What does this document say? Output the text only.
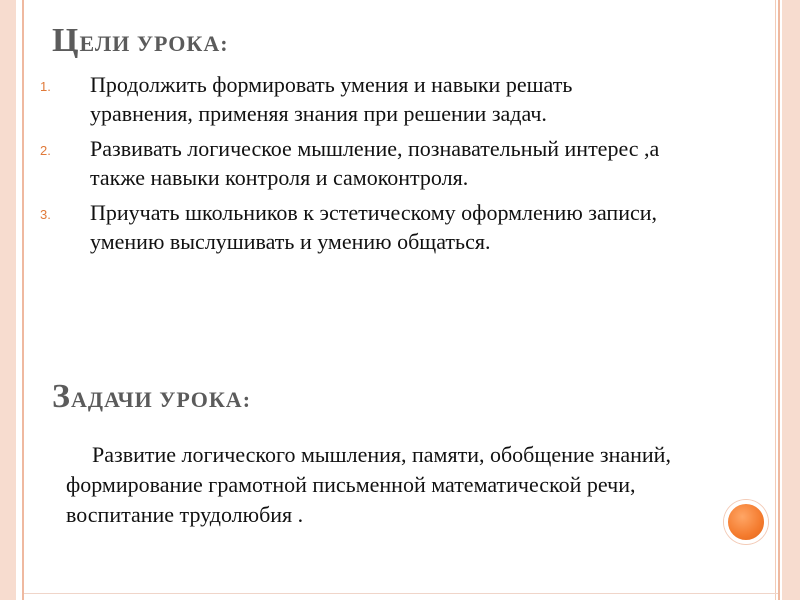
ЦЕЛИ УРОКА:
1. Продолжить формировать умения и навыки решать уравнения, применяя знания при решении задач.
2. Развивать логическое мышление, познавательный интерес ,а также навыки контроля и самоконтроля.
3. Приучать школьников к эстетическому оформлению записи, умению выслушивать и умению общаться.
ЗАДАЧИ УРОКА:

Развитие логического мышления, памяти, обобщение знаний, формирование грамотной письменной математической речи, воспитание трудолюбия .
